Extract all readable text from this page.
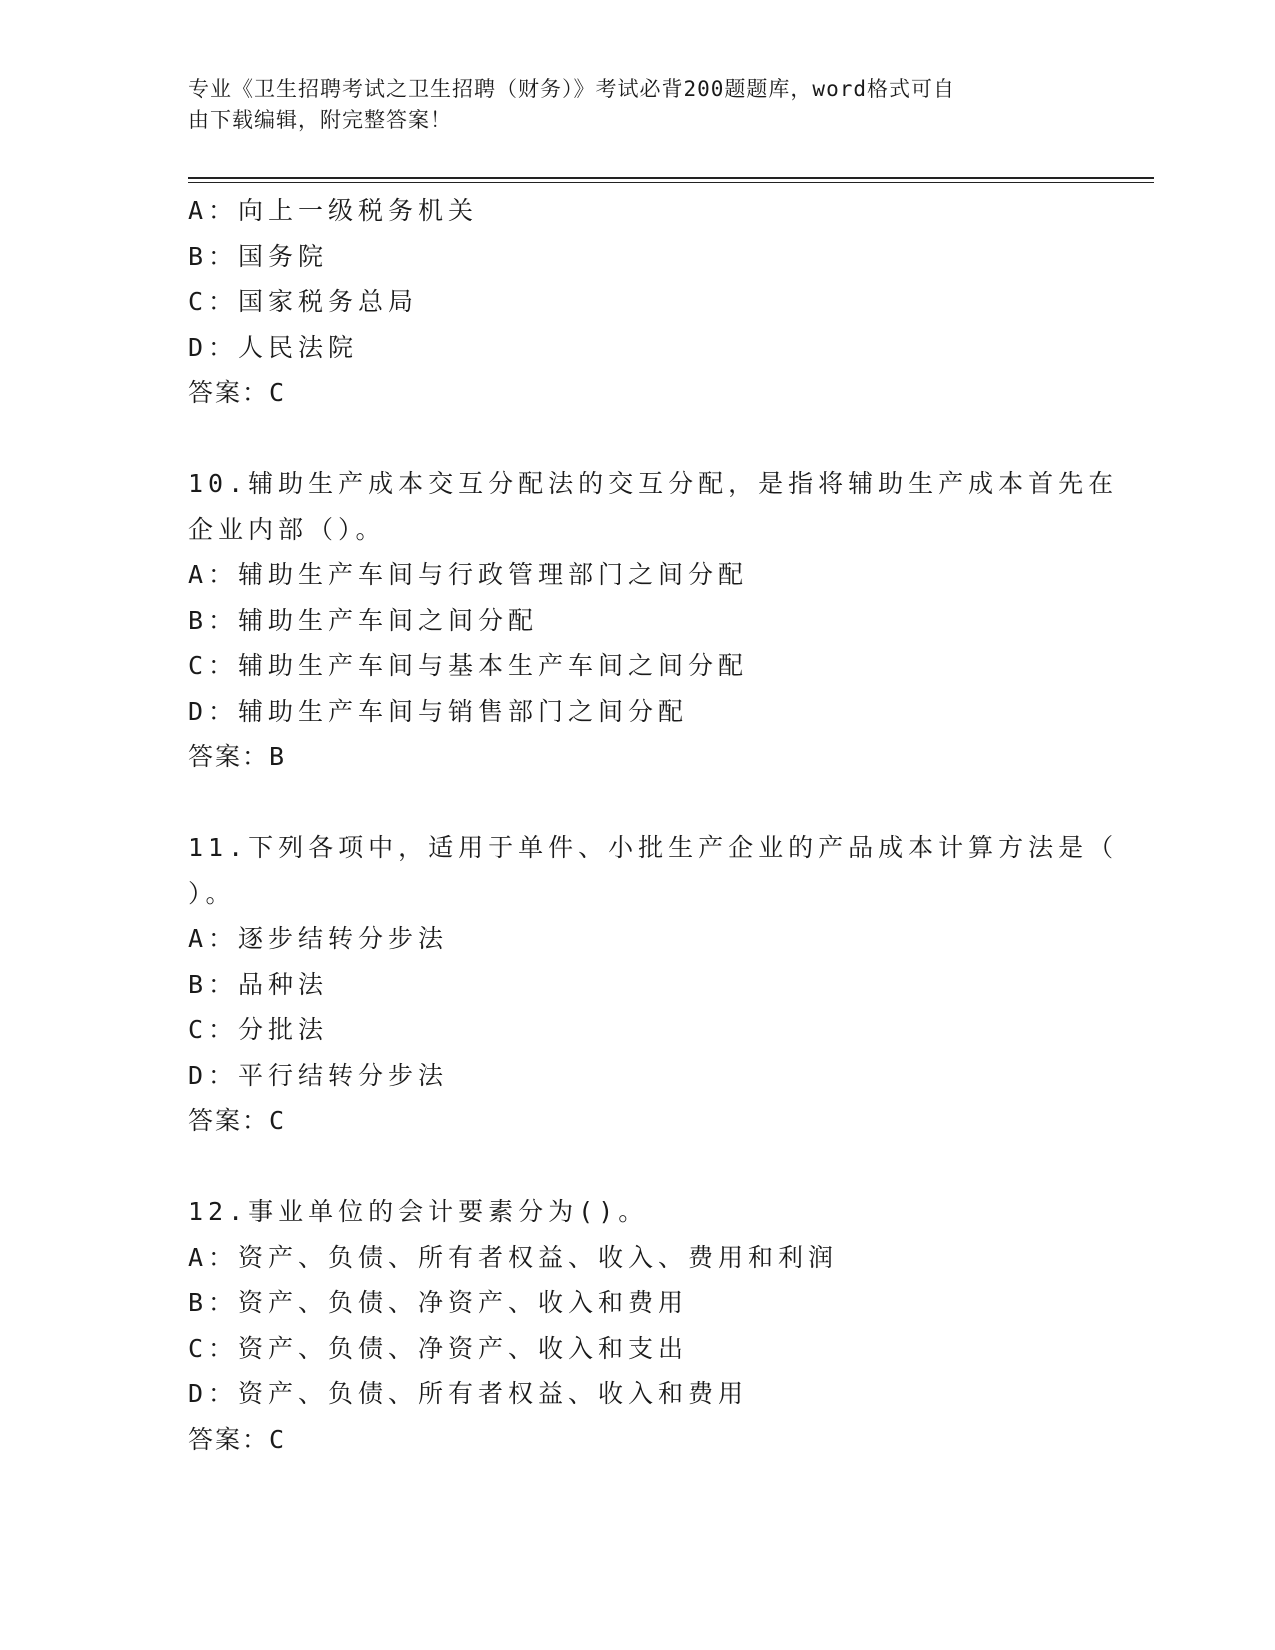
专业《卫生招聘考试之卫生招聘（财务）》考试必背200题题库，word格式可自
由下载编辑，附完整答案！
A：向上一级税务机关
B：国务院
C：国家税务总局
D：人民法院
答案：C
10.辅助生产成本交互分配法的交互分配，是指将辅助生产成本首先在
企业内部（）。
A：辅助生产车间与行政管理部门之间分配
B：辅助生产车间之间分配
C：辅助生产车间与基本生产车间之间分配
D：辅助生产车间与销售部门之间分配
答案：B
11.下列各项中，适用于单件、小批生产企业的产品成本计算方法是（
）。
A：逐步结转分步法
B：品种法
C：分批法
D：平行结转分步法
答案：C
12.事业单位的会计要素分为()。
A：资产、负债、所有者权益、收入、费用和利润
B：资产、负债、净资产、收入和费用
C：资产、负债、净资产、收入和支出
D：资产、负债、所有者权益、收入和费用
答案：C
